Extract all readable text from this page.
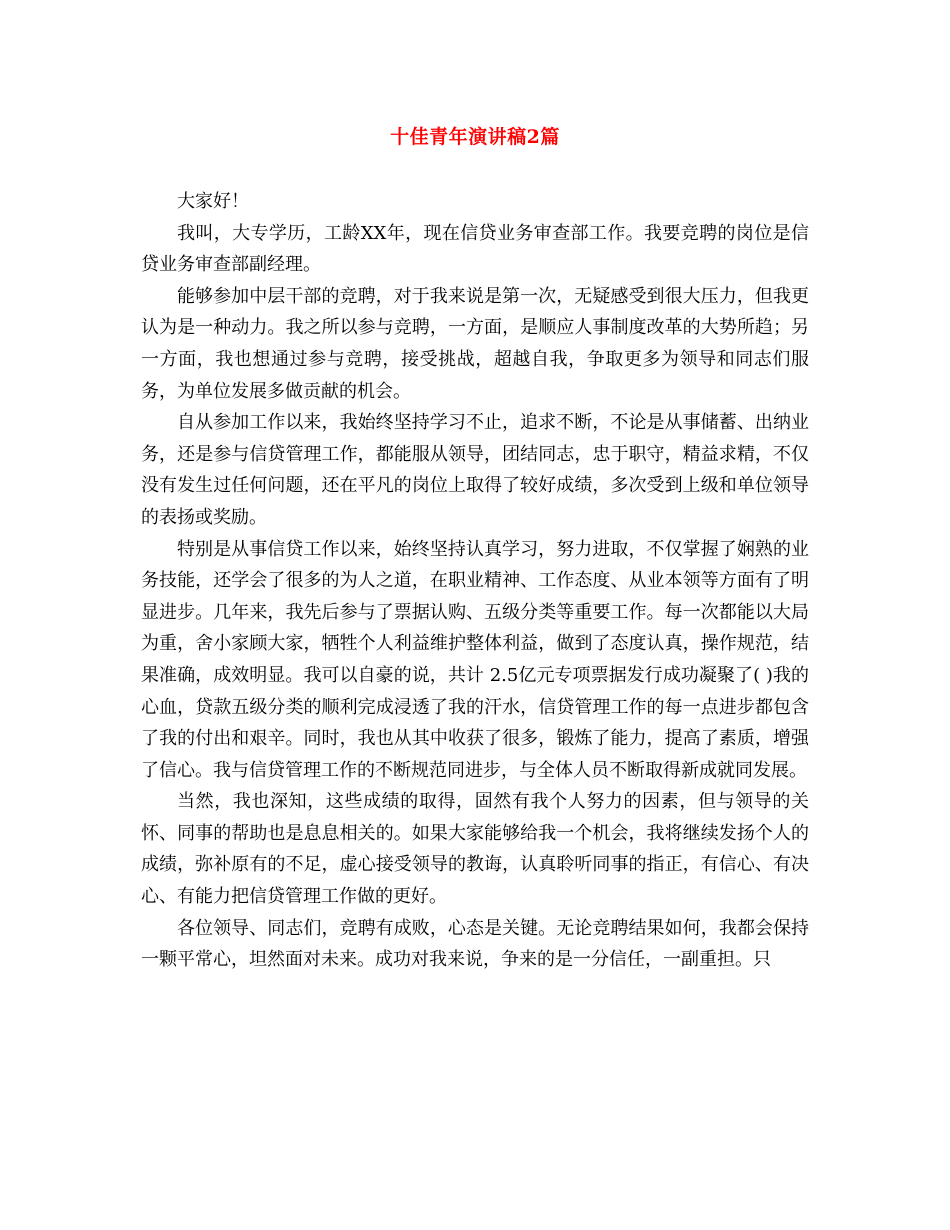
十佳青年演讲稿2篇

大家好！

我叫，大专学历，工龄XX年，现在信贷业务审查部工作。我要竞聘的岗位是信贷业务审查部副经理。

能够参加中层干部的竞聘，对于我来说是第一次，无疑感受到很大压力，但我更认为是一种动力。我之所以参与竞聘，一方面，是顺应人事制度改革的大势所趋；另一方面，我也想通过参与竞聘，接受挑战，超越自我，争取更多为领导和同志们服务，为单位发展多做贡献的机会。

自从参加工作以来，我始终坚持学习不止，追求不断，不论是从事储蓄、出纳业务，还是参与信贷管理工作，都能服从领导，团结同志，忠于职守，精益求精，不仅没有发生过任何问题，还在平凡的岗位上取得了较好成绩，多次受到上级和单位领导的表扬或奖励。

特别是从事信贷工作以来，始终坚持认真学习，努力进取，不仅掌握了娴熟的业务技能，还学会了很多的为人之道，在职业精神、工作态度、从业本领等方面有了明显进步。几年来，我先后参与了票据认购、五级分类等重要工作。每一次都能以大局为重，舍小家顾大家，牺牲个人利益维护整体利益，做到了态度认真，操作规范，结果准确，成效明显。我可以自豪的说，共计 2.5亿元专项票据发行成功凝聚了( )我的心血，贷款五级分类的顺利完成浸透了我的汗水，信贷管理工作的每一点进步都包含了我的付出和艰辛。同时，我也从其中收获了很多，锻炼了能力，提高了素质，增强了信心。我与信贷管理工作的不断规范同进步，与全体人员不断取得新成就同发展。

当然，我也深知，这些成绩的取得，固然有我个人努力的因素，但与领导的关怀、同事的帮助也是息息相关的。如果大家能够给我一个机会，我将继续发扬个人的成绩，弥补原有的不足，虚心接受领导的教诲，认真聆听同事的指正，有信心、有决心、有能力把信贷管理工作做的更好。

各位领导、同志们，竞聘有成败，心态是关键。无论竞聘结果如何，我都会保持一颗平常心，坦然面对未来。成功对我来说，争来的是一分信任，一副重担。只
